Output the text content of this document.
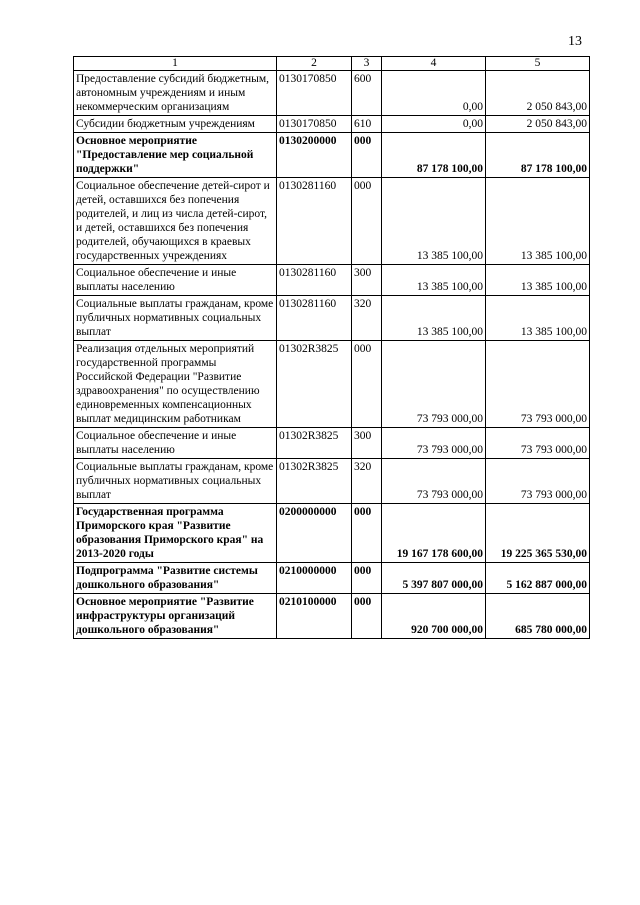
13
1	2	3	4	5
Предоставление субсидий бюджетным, автономным учреждениям и иным некоммерческим организациям	0130170850	600	0,00	2 050 843,00
Субсидии бюджетным учреждениям	0130170850	610	0,00	2 050 843,00
Основное мероприятие "Предоставление мер социальной поддержки"	0130200000	000	87 178 100,00	87 178 100,00
Социальное обеспечение детей-сирот и детей, оставшихся без попечения родителей, и лиц из числа детей-сирот, и детей, оставшихся без попечения родителей, обучающихся в краевых государственных учреждениях	0130281160	000	13 385 100,00	13 385 100,00
Социальное обеспечение и иные выплаты населению	0130281160	300	13 385 100,00	13 385 100,00
Социальные выплаты гражданам, кроме публичных нормативных социальных выплат	0130281160	320	13 385 100,00	13 385 100,00
Реализация отдельных мероприятий государственной программы Российской Федерации "Развитие здравоохранения" по осуществлению единовременных компенсационных выплат медицинским работникам	01302R3825	000	73 793 000,00	73 793 000,00
Социальное обеспечение и иные выплаты населению	01302R3825	300	73 793 000,00	73 793 000,00
Социальные выплаты гражданам, кроме публичных нормативных социальных выплат	01302R3825	320	73 793 000,00	73 793 000,00
Государственная программа Приморского края "Развитие образования Приморского края" на 2013-2020 годы	0200000000	000	19 167 178 600,00	19 225 365 530,00
Подпрограмма "Развитие системы дошкольного образования"	0210000000	000	5 397 807 000,00	5 162 887 000,00
Основное мероприятие "Развитие инфраструктуры организаций дошкольного образования"	0210100000	000	920 700 000,00	685 780 000,00
